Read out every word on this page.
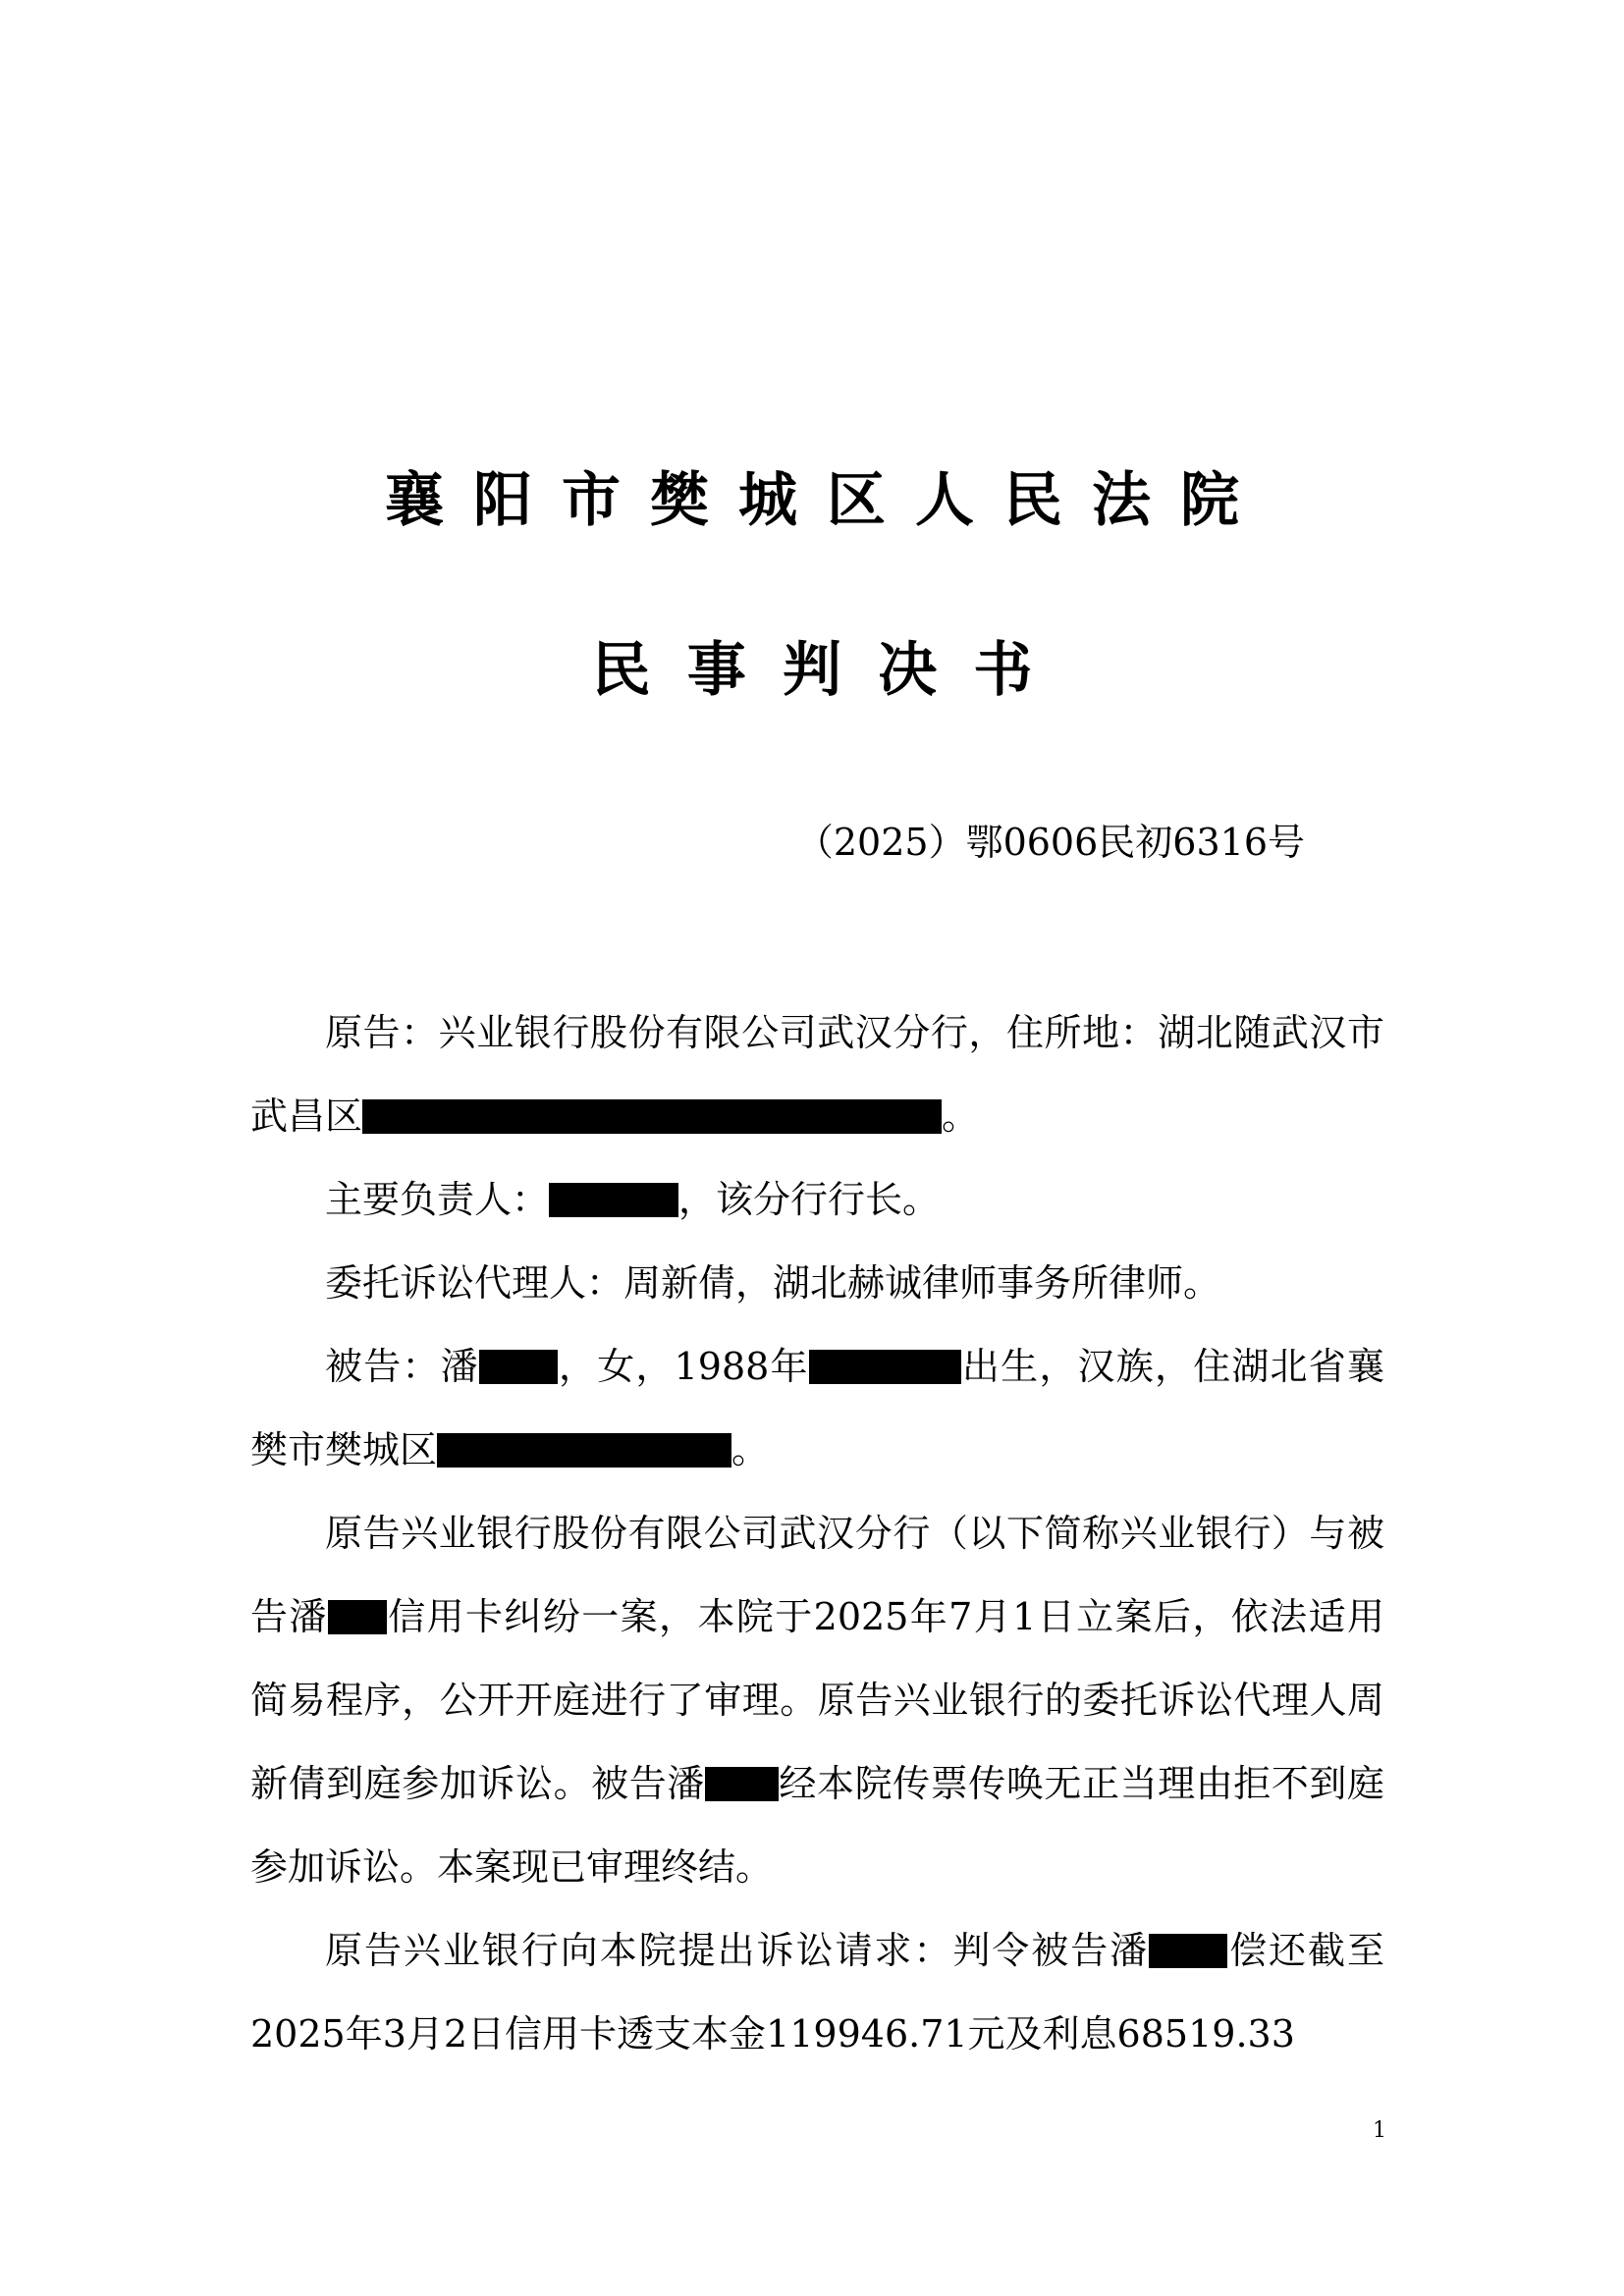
襄阳市樊城区人民法院
民事判决书
（2025）鄂0606民初6316号

原告：兴业银行股份有限公司武汉分行，住所地：湖北随武汉市武昌区	。

主要负责人：	，该分行行长。

委托诉讼代理人：周新倩，湖北赫诚律师事务所律师。

被告：潘 ，女，1988年	出生，汉族，住湖北省襄樊市樊城区	。

原告兴业银行股份有限公司武汉分行（以下简称兴业银行）与被告潘 信用卡纠纷一案，本院于2025年7月1日立案后，依法适用简易程序，公开开庭进行了审理。原告兴业银行的委托诉讼代理人周新倩到庭参加诉讼。被告潘 经本院传票传唤无正当理由拒不到庭参加诉讼。本案现已审理终结。

原告兴业银行向本院提出诉讼请求：判令被告潘 偿还截至2025年3月2日信用卡透支本金119946.71元及利息68519.33

1
